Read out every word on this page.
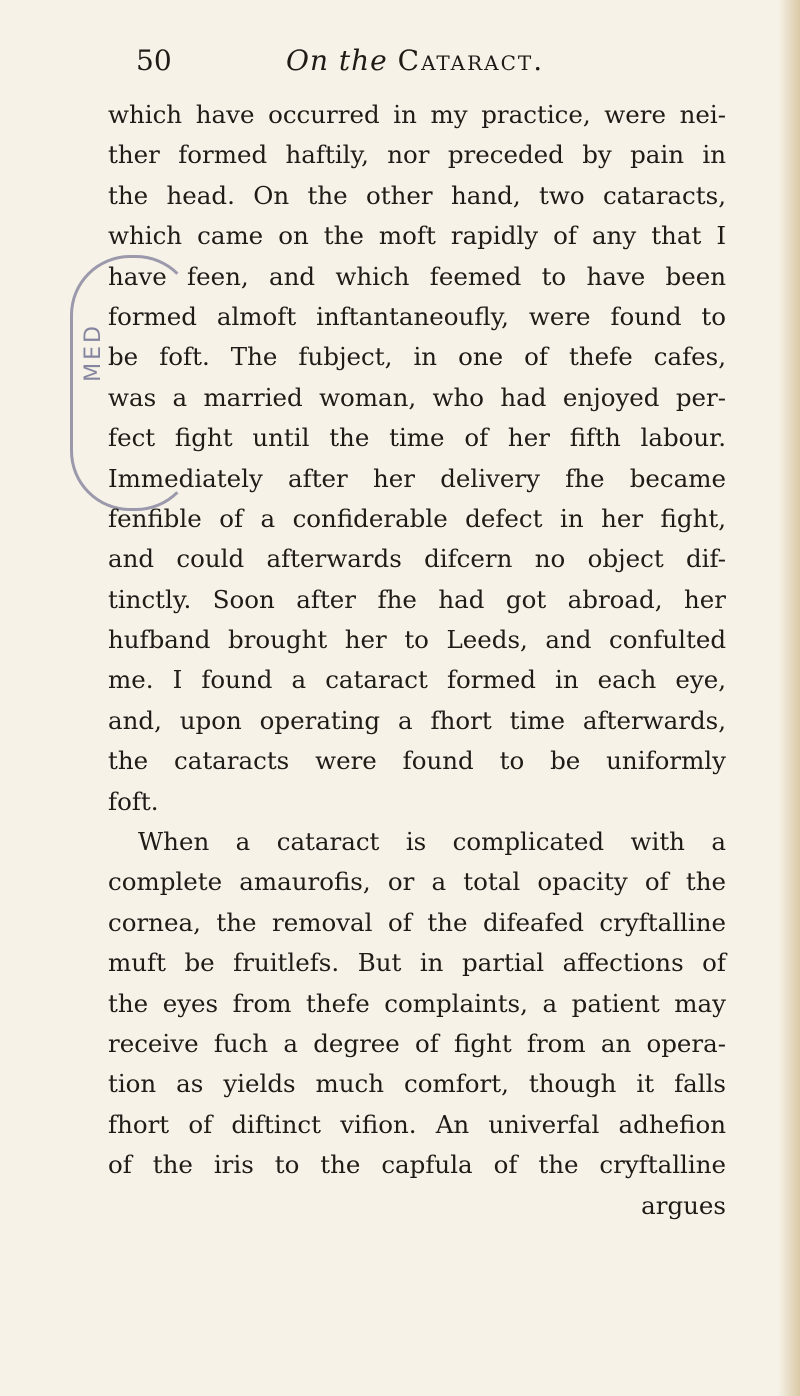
50	On the Cataract.
MED
which have occurred in my practice, were nei-
ther formed haftily, nor preceded by pain in
the head. On the other hand, two cataracts,
which came on the moft rapidly of any that I
have feen, and which feemed to have been
formed almoft inftantaneoufly, were found to
be foft. The fubject, in one of thefe cafes,
was a married woman, who had enjoyed per-
fect fight until the time of her fifth labour.
Immediately after her delivery fhe became
fenfible of a confiderable defect in her fight,
and could afterwards difcern no object dif-
tinctly. Soon after fhe had got abroad, her
hufband brought her to Leeds, and confulted
me. I found a cataract formed in each eye,
and, upon operating a fhort time afterwards,
the cataracts were found to be uniformly
foft.
When a cataract is complicated with a
complete amaurofis, or a total opacity of the
cornea, the removal of the difeafed cryftalline
muft be fruitlefs. But in partial affections of
the eyes from thefe complaints, a patient may
receive fuch a degree of fight from an opera-
tion as yields much comfort, though it falls
fhort of diftinct vifion. An univerfal adhefion
of the iris to the capfula of the cryftalline
argues
